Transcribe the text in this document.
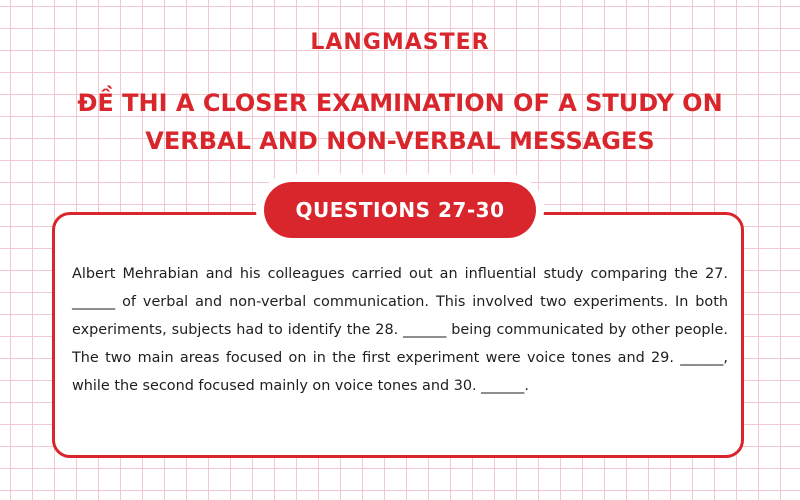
LANGMASTER
ĐỀ THI A CLOSER EXAMINATION OF A STUDY ON
VERBAL AND NON-VERBAL MESSAGES
QUESTIONS 27-30

Albert Mehrabian and his colleagues carried out an influential study comparing the 27. ______ of verbal and non-verbal communication. This involved two experiments. In both experiments, subjects had to identify the 28. ______ being communicated by other people. The two main areas focused on in the first experiment were voice tones and 29. ______, while the second focused mainly on voice tones and 30. ______.
